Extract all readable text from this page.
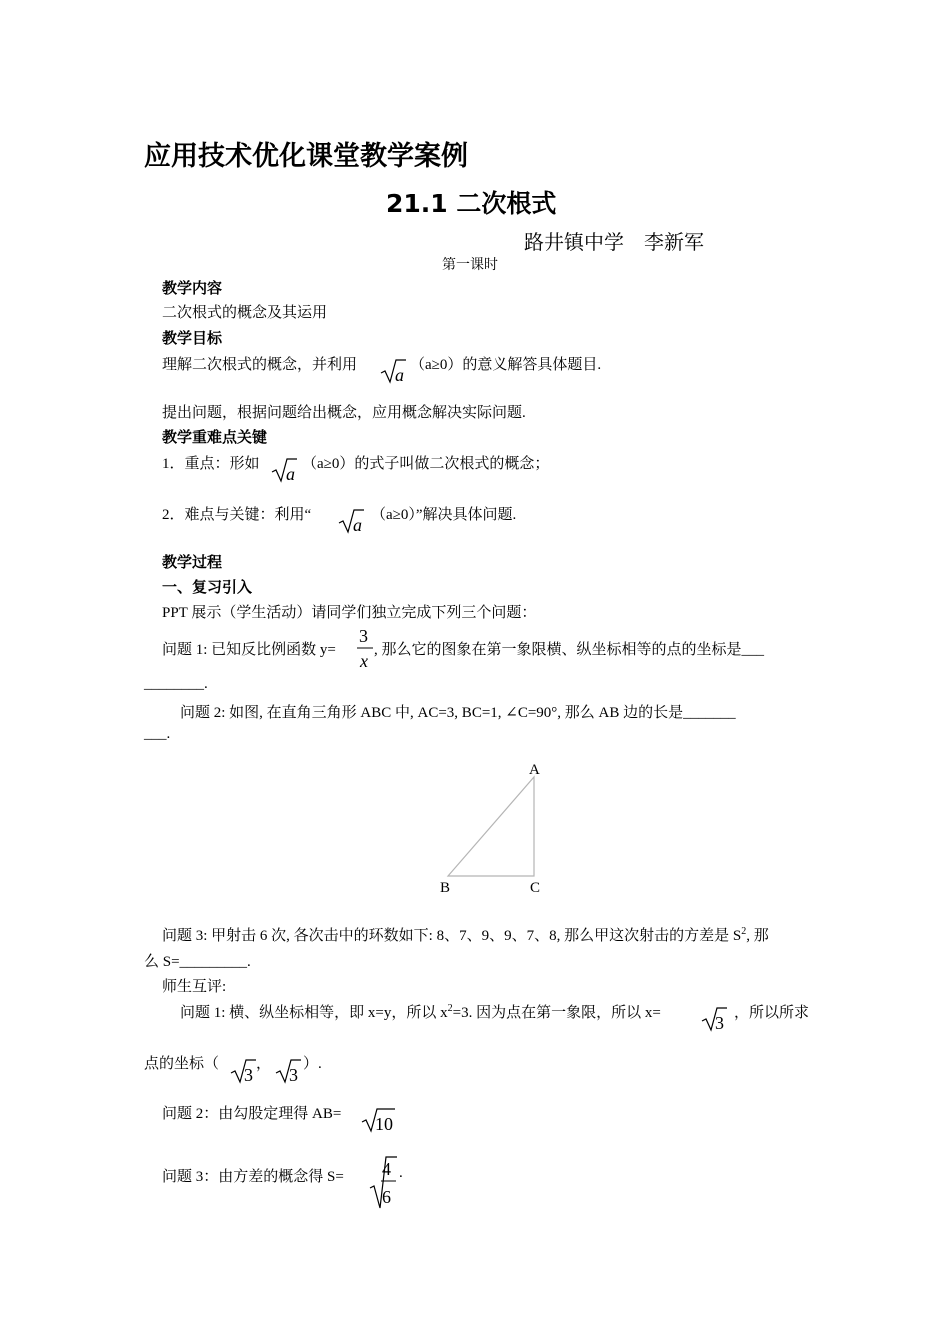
应用技术优化课堂教学案例
21.1 二次根式
路井镇中学　李新军
第一课时
教学内容
二次根式的概念及其运用
教学目标
理解二次根式的概念，并利用 a （a≥0）的意义解答具体题目.
提出问题，根据问题给出概念，应用概念解决实际问题.
教学重难点关键
1．重点：形如 a （a≥0）的式子叫做二次根式的概念；
2．难点与关键：利用“ a （a≥0）”解决具体问题.
教学过程
一、复习引入
PPT 展示（学生活动）请同学们独立完成下列三个问题：
问题 1: 已知反比例函数 y=
3
x
, 那么它的图象在第一象限横、纵坐标相等的点的坐标是___
________.
问题 2: 如图, 在直角三角形 ABC 中, AC=3, BC=1, ∠C=90°, 那么 AB 边的长是_______
___.
A
B	C
问题 3: 甲射击 6 次, 各次击中的环数如下: 8、7、9、9、7、8, 那么甲这次射击的方差是 $S^2$, 那
么 S=_________.
师生互评:
问题 1: 横、纵坐标相等，即 x=y，所以 $x^2=3$. 因为点在第一象限，所以 x=	3 ，所以所求
点的坐标（
3
，
3
）.
问题 2：由勾股定理得 AB= 10
问题 3：由方差的概念得 S= 4
6
.
